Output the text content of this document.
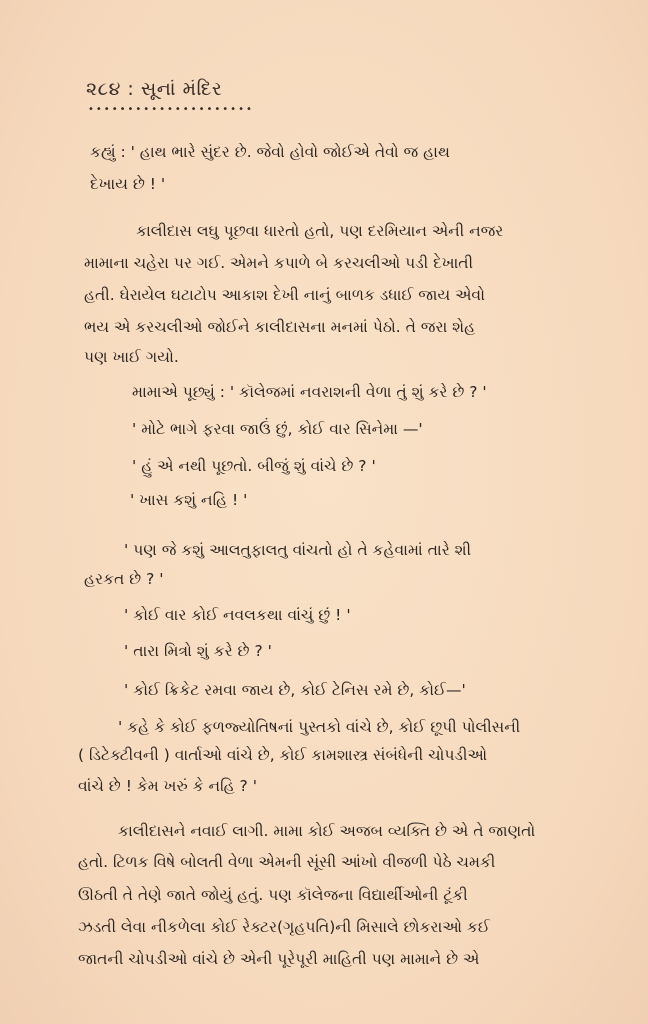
૨૮૪ : સૂનાં મંદિર
•••••••••••••••••••••
કહ્યું : ' હાથ ભારે સુંદર છે. જેવો હોવો જોઈએ તેવો જ હાથ
દેખાય છે ! '
કાલીદાસ લઘુ પૂછવા ધારતો હતો, પણ દરમિયાન એની નજર
મામાના ચહેરા પર ગઈ. એમને કપાળે બે કરચલીઓ પડી દેખાતી
હતી. ઘેરાયેલ ઘટાટોપ આકાશ દેખી નાનું બાળક ડધાઈ જાય એવો
ભય એ કરચલીઓ જોઈને કાલીદાસના મનમાં પેઠો. તે જરા શેહ
પણ ખાઈ ગયો.
મામાએ પૂછ્યું : ' કૉલેજમાં નવરાશની વેળા તું શું કરે છે ? '
' મોટે ભાગે ફરવા જાઉં છું, કોઈ વાર સિનેમા —'
' હું એ નથી પૂછતો. બીજું શું વાંચે છે ? '
' ખાસ કશું નહિ ! '
' પણ જે કશું આલતુફાલતુ વાંચતો હો તે કહેવામાં તારે શી
હરકત છે ? '
' કોઈ વાર કોઈ નવલકથા વાંચું છું ! '
' તારા મિત્રો શું કરે છે ? '
' કોઈ ક્રિકેટ રમવા જાય છે, કોઈ ટેનિસ રમે છે, કોઈ—'
' કહે કે કોઈ ફળજ્યોતિષનાં પુસ્તકો વાંચે છે, કોઈ છૂપી પોલીસની
( ડિટેક્ટીવની ) વાર્તાઓ વાંચે છે, કોઈ કામશાસ્ત્ર સંબંધેની ચોપડીઓ
વાંચે છે ! કેમ ખરું કે નહિ ? '
કાલીદાસને નવાઈ લાગી. મામા કોઈ અજબ વ્યક્તિ છે એ તે જાણતો
હતો. ટિળક વિષે બોલતી વેળા એમની સૂંસી આંખો વીજળી પેઠે ચમકી
ઊઠતી તે તેણે જાતે જોયું હતું. પણ કૉલેજના વિદ્યાર્થીઓની ટૂંકી
ઝડતી લેવા નીકળેલા કોઈ રેક્ટર(ગૃહપતિ)ની મિસાલે છોકરાઓ કઈ
જાતની ચોપડીઓ વાંચે છે એની પૂરેપૂરી માહિતી પણ મામાને છે એ
